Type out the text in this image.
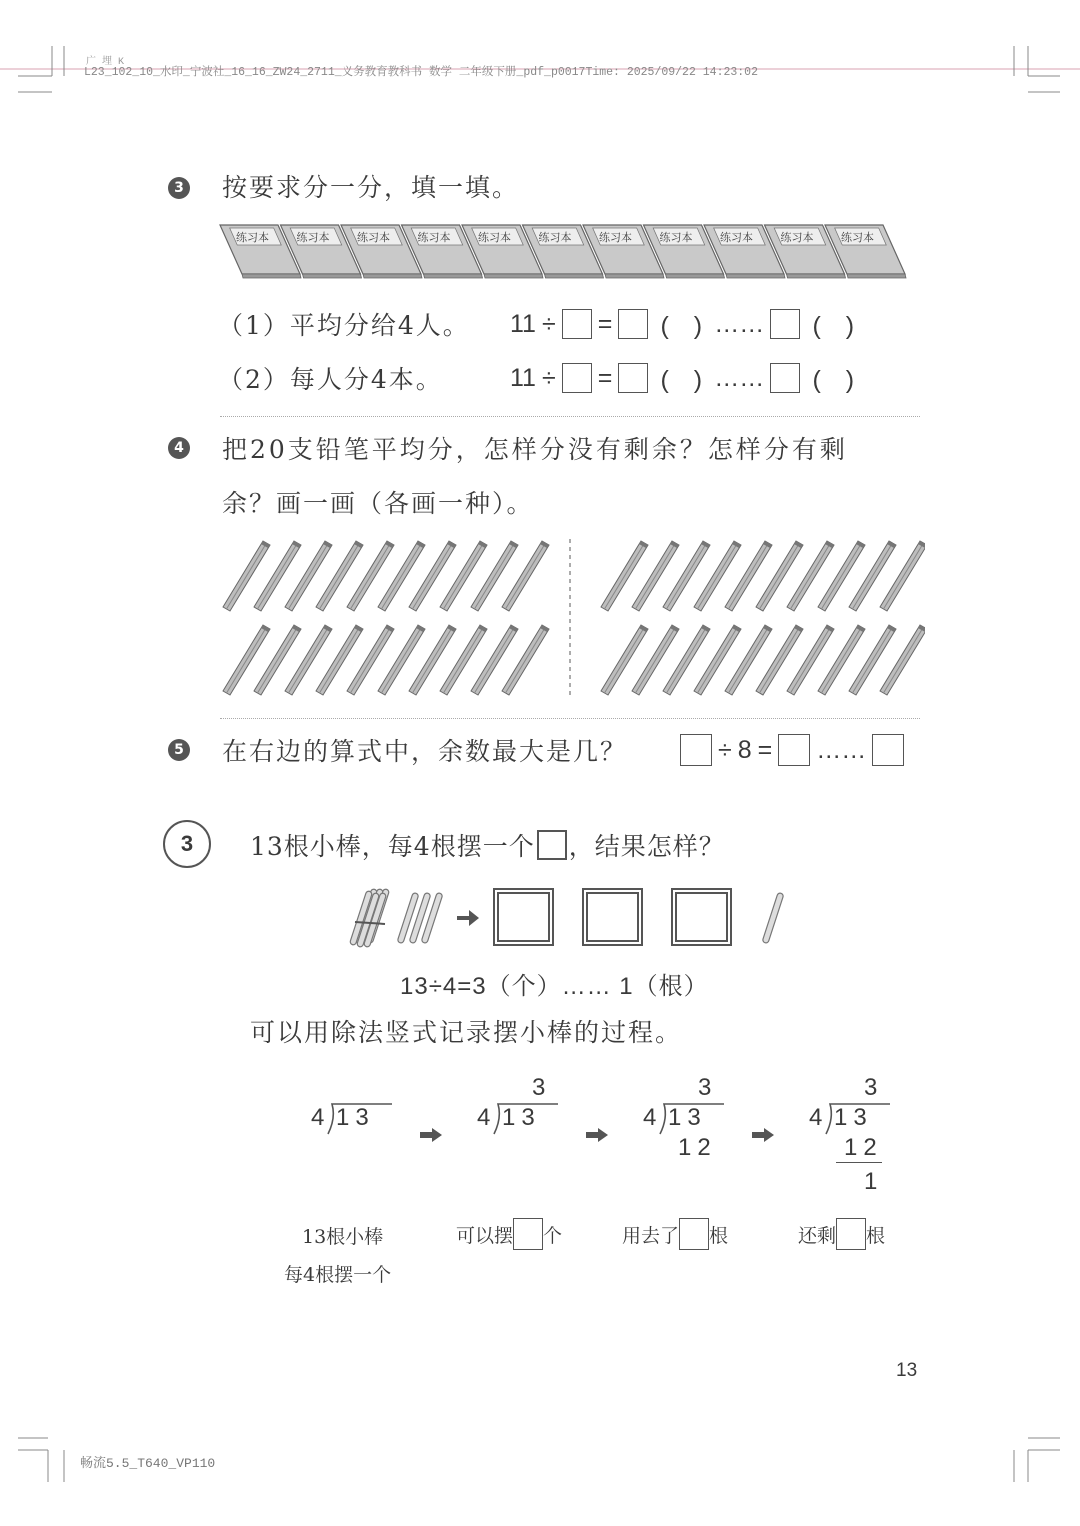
广 埋 K
L23_102_10_水印_宁波社_16_16_ZW24_2711_义务教育教科书 数学 二年级下册_pdf_p0017Time: 2025/09/22 14:23:02
3 按要求分一分，填一填。
练习本	练习本	练习本	练习本	练习本	练习本	练习本	练习本	练习本	练习本	练习本
（1）平均分给4人。	11 ÷ = (　) …… (　)
（2）每人分4本。	11 ÷ = (　) …… (　)
4 把20支铅笔平均分，怎样分没有剩余？怎样分有剩
余？画一画（各画一种）。
5 在右边的算式中，余数最大是几？	÷ 8 = ……
3	13根小棒，每4根摆一个 ，结果怎样？
13÷4=3（个）…… 1（根）
可以用除法竖式记录摆小棒的过程。
4 13
3
4 13
3
4 13
12
3
4 13
12
1
13根小棒
每4根摆一个
可以摆 个	用去了 根	还剩 根
13
畅流5.5_T640_VP110
